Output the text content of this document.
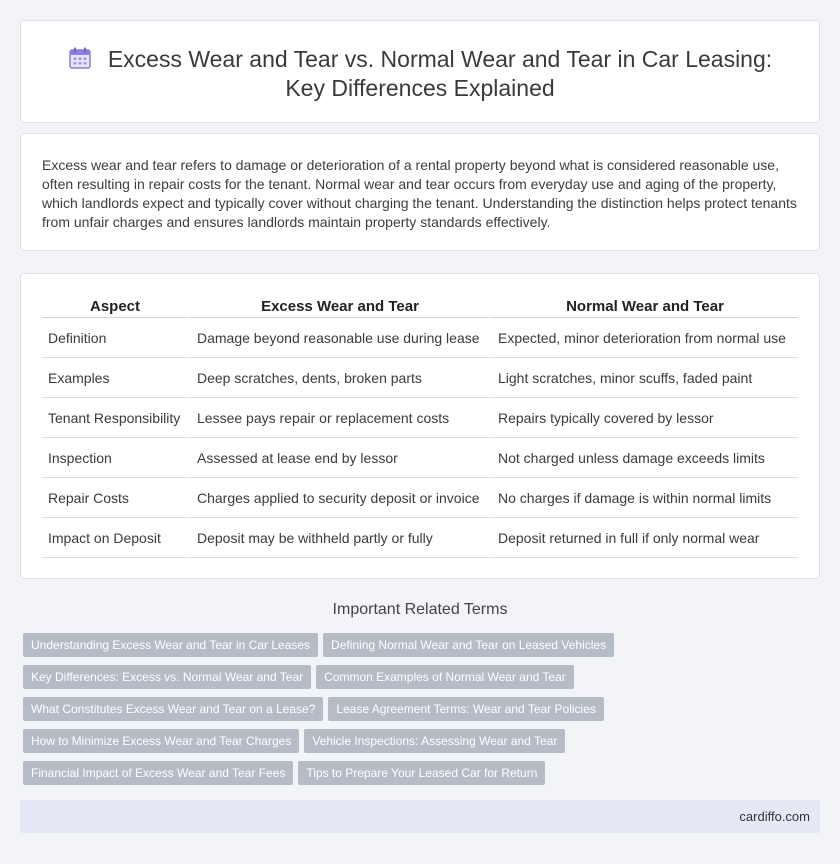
Excess Wear and Tear vs. Normal Wear and Tear in Car Leasing:
Key Differences Explained

Excess wear and tear refers to damage or deterioration of a rental property beyond what is considered reasonable use, often resulting in repair costs for the tenant. Normal wear and tear occurs from everyday use and aging of the property, which landlords expect and typically cover without charging the tenant. Understanding the distinction helps protect tenants from unfair charges and ensures landlords maintain property standards effectively.

Aspect	Excess Wear and Tear	Normal Wear and Tear
Definition	Damage beyond reasonable use during lease	Expected, minor deterioration from normal use
Examples	Deep scratches, dents, broken parts	Light scratches, minor scuffs, faded paint
Tenant Responsibility	Lessee pays repair or replacement costs	Repairs typically covered by lessor
Inspection	Assessed at lease end by lessor	Not charged unless damage exceeds limits
Repair Costs	Charges applied to security deposit or invoice	No charges if damage is within normal limits
Impact on Deposit	Deposit may be withheld partly or fully	Deposit returned in full if only normal wear
Important Related Terms
Understanding Excess Wear and Tear in Car Leases Defining Normal Wear and Tear on Leased Vehicles
Key Differences: Excess vs. Normal Wear and Tear Common Examples of Normal Wear and Tear
What Constitutes Excess Wear and Tear on a Lease? Lease Agreement Terms: Wear and Tear Policies
How to Minimize Excess Wear and Tear Charges Vehicle Inspections: Assessing Wear and Tear
Financial Impact of Excess Wear and Tear Fees Tips to Prepare Your Leased Car for Return
cardiffo.com
